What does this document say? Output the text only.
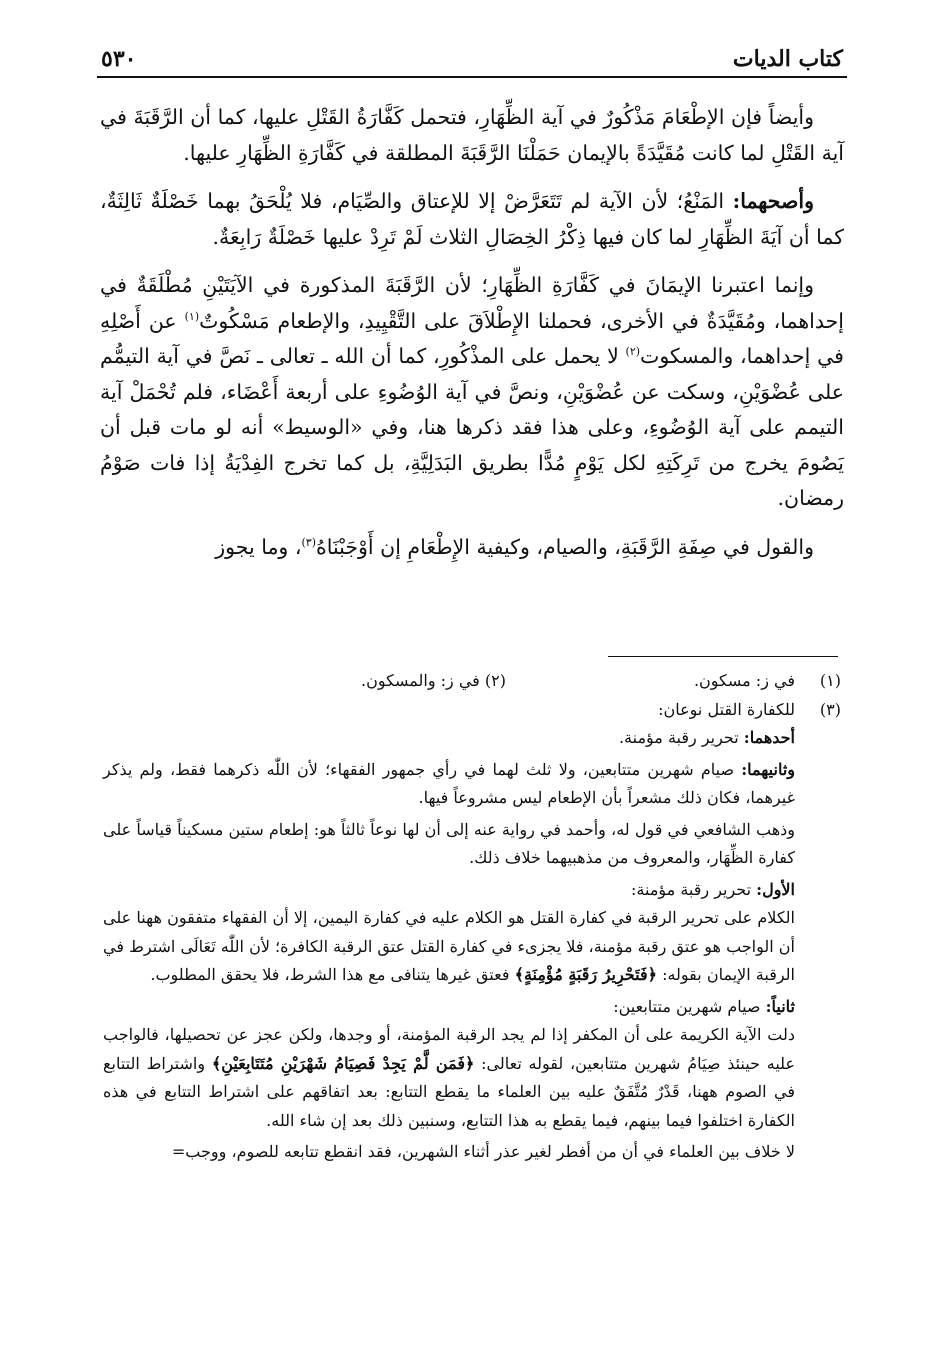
كتاب الديات
٥٣٠

وأيضاً فإن الإطْعَامَ مَذْكُورٌ في آية الظِّهَارِ، فتحمل كَفَّارَةُ القَتْلِ عليها، كما أن الرَّقَبَةَ في آية القَتْلِ لما كانت مُقَيَّدَةً بالإيمان حَمَلْنَا الرَّقَبَةَ المطلقة في كَفَّارَةِ الظِّهَارِ عليها.

وأصحهما: المَنْعُ؛ لأن الآية لم تَتَعَرَّضْ إلا للإعتاق والصِّيَام، فلا يُلْحَقُ بهما خَصْلَةٌ ثَالِثَةٌ، كما أن آيَةَ الظِّهَارِ لما كان فيها ذِكْرُ الخِصَالِ الثلاث لَمْ تَرِدْ عليها خَصْلَةٌ رَابِعَةٌ.

وإنما اعتبرنا الإيمَانَ في كَفَّارَةِ الظِّهَارِ؛ لأن الرَّقَبَةَ المذكورة في الآيَتَيْنِ مُطْلَقَةٌ في إحداهما، ومُقَيَّدَةٌ في الأخرى، فحملنا الإِطْلاَقَ على التَّقْيِيدِ، والإطعام مَسْكُوتٌ$^{(١)}$ عن أَصْلِهِ في إحداهما، والمسكوت$^{(٢)}$ لا يحمل على المذْكُورِ، كما أن الله ـ تعالى ـ نَصَّ في آية التيمُّم على عُضْوَيْنِ، وسكت عن عُضْوَيْنِ، ونصَّ في آية الوُضُوءِ على أربعة أَعْضَاء، فلم تُحْمَلْ آية التيمم على آية الوُضُوءِ، وعلى هذا فقد ذكرها هنا، وفي «الوسيط» أنه لو مات قبل أن يَصُومَ يخرج من تَرِكَتِهِ لكل يَوْمٍ مُدًّا بطريق البَدَلِيَّةِ، بل كما تخرج الفِدْيَةُ إذا فات صَوْمُ رمضان.

والقول في صِفَةِ الرَّقَبَةِ، والصيام، وكيفية الإِطْعَامِ إن أَوْجَبْنَاهُ$^{(٣)}$، وما يجوز

(١)
في ز: مسكون.
(٢) في ز: والمسكون.
(٣)
للكفارة القتل نوعان:
أحدهما: تحرير رقبة مؤمنة.
وثانيهما: صيام شهرين متتابعين، ولا ثلث لهما في رأي جمهور الفقهاء؛ لأن اللّٰه ذكرهما فقط، ولم يذكر غيرهما، فكان ذلك مشعراً بأن الإطعام ليس مشروعاً فيها.
وذهب الشافعي في قول له، وأحمد في رواية عنه إلى أن لها نوعاً ثالثاً هو: إطعام ستين مسكيناً قياساً على كفارة الظِّهَار، والمعروف من مذهبيهما خلاف ذلك.
الأول: تحرير رقبة مؤمنة:
الكلام على تحرير الرقبة في كفارة القتل هو الكلام عليه في كفارة اليمين، إلا أن الفقهاء متفقون ههنا على أن الواجب هو عتق رقبة مؤمنة، فلا يجزىء في كفارة القتل عتق الرقبة الكافرة؛ لأن اللّٰه تَعَالَى اشترط في الرقبة الإيمان بقوله: ﴿فَتَحْرِيرُ رَقَبَةٍ مُؤْمِنَةٍ﴾ فعتق غيرها يتنافى مع هذا الشرط، فلا يحقق المطلوب.
ثانياً: صيام شهرين متتابعين:
دلت الآية الكريمة على أن المكفر إذا لم يجد الرقبة المؤمنة، أو وجدها، ولكن عجز عن تحصيلها، فالواجب عليه حينئذ صِيَامُ شهرين متتابعين، لقوله تعالى: ﴿فَمَن لَّمْ يَجِدْ فَصِيَامُ شَهْرَيْنِ مُتَتَابِعَيْنِ﴾ واشتراط التتابع في الصوم ههنا، قَدْرٌ مُتَّفَقٌ عليه بين العلماء ما يقطع التتابع: بعد اتفاقهم على اشتراط التتابع في هذه الكفارة اختلفوا فيما بينهم، فيما يقطع به هذا التتابع، وسنبين ذلك بعد إن شاء الله.
لا خلاف بين العلماء في أن من أفطر لغير عذر أثناء الشهرين، فقد انقطع تتابعه للصوم، ووجب=
